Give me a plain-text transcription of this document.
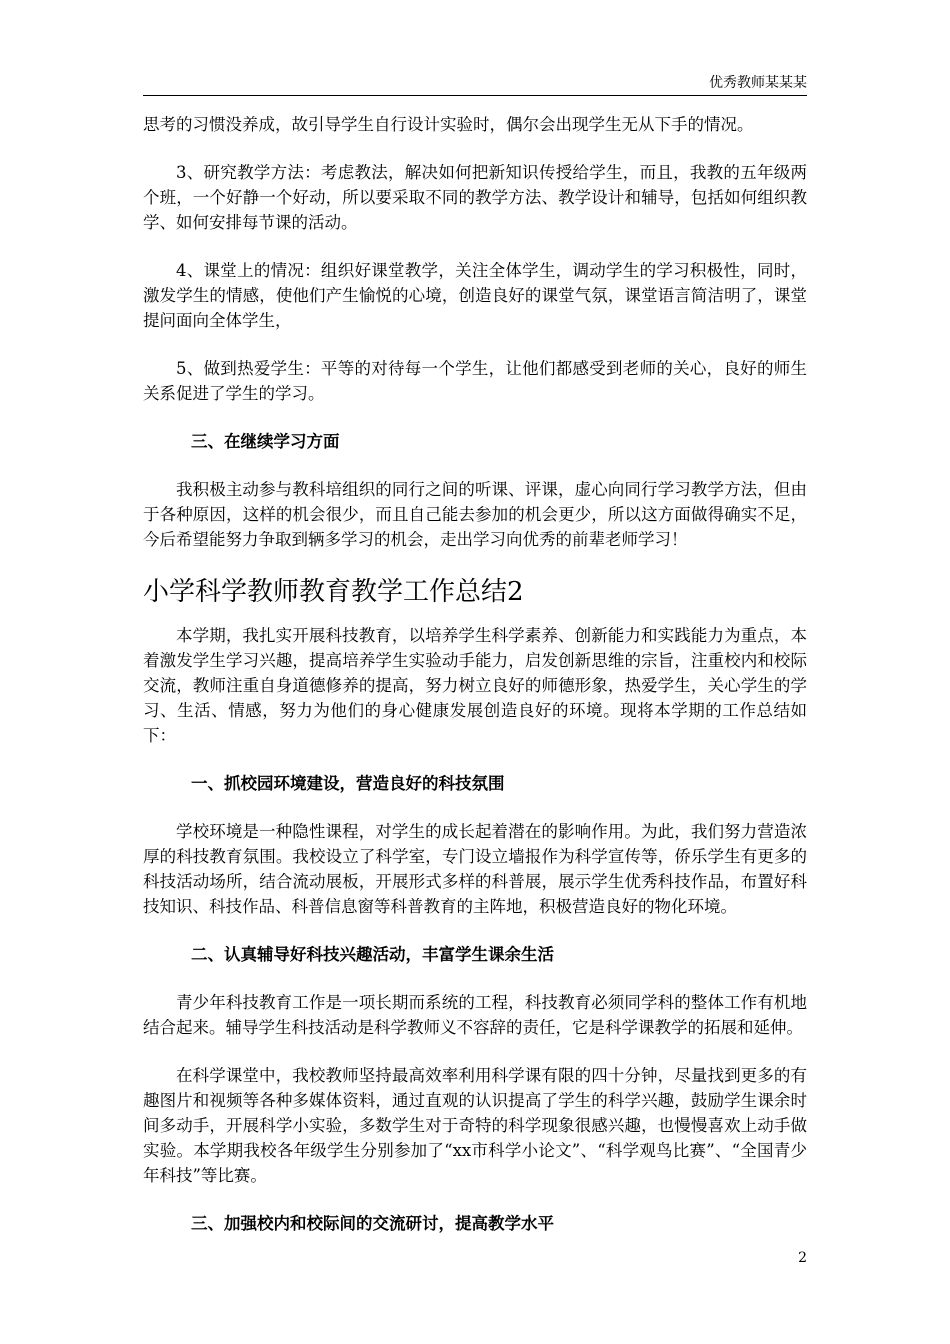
优秀教师某某某

思考的习惯没养成，故引导学生自行设计实验时，偶尔会出现学生无从下手的情况。

3、研究教学方法：考虑教法，解决如何把新知识传授给学生，而且，我教的五年级两个班，一个好静一个好动，所以要采取不同的教学方法、教学设计和辅导，包括如何组织教学、如何安排每节课的活动。

4、课堂上的情况：组织好课堂教学，关注全体学生，调动学生的学习积极性，同时，激发学生的情感，使他们产生愉悦的心境，创造良好的课堂气氛，课堂语言简洁明了，课堂提问面向全体学生，

5、做到热爱学生：平等的对待每一个学生，让他们都感受到老师的关心，良好的师生关系促进了学生的学习。

三、在继续学习方面

我积极主动参与教科培组织的同行之间的听课、评课，虚心向同行学习教学方法，但由于各种原因，这样的机会很少，而且自己能去参加的机会更少，所以这方面做得确实不足，今后希望能努力争取到辆多学习的机会，走出学习向优秀的前辈老师学习！

小学科学教师教育教学工作总结2

本学期，我扎实开展科技教育，以培养学生科学素养、创新能力和实践能力为重点，本着激发学生学习兴趣，提高培养学生实验动手能力，启发创新思维的宗旨，注重校内和校际交流，教师注重自身道德修养的提高，努力树立良好的师德形象，热爱学生，关心学生的学习、生活、情感，努力为他们的身心健康发展创造良好的环境。现将本学期的工作总结如下：

一、抓校园环境建设，营造良好的科技氛围

学校环境是一种隐性课程，对学生的成长起着潜在的影响作用。为此，我们努力营造浓厚的科技教育氛围。我校设立了科学室，专门设立墙报作为科学宣传等，侨乐学生有更多的科技活动场所，结合流动展板，开展形式多样的科普展，展示学生优秀科技作品，布置好科技知识、科技作品、科普信息窗等科普教育的主阵地，积极营造良好的物化环境。

二、认真辅导好科技兴趣活动，丰富学生课余生活

青少年科技教育工作是一项长期而系统的工程，科技教育必须同学科的整体工作有机地结合起来。辅导学生科技活动是科学教师义不容辞的责任，它是科学课教学的拓展和延伸。

在科学课堂中，我校教师坚持最高效率利用科学课有限的四十分钟，尽量找到更多的有趣图片和视频等各种多媒体资料，通过直观的认识提高了学生的科学兴趣，鼓励学生课余时间多动手，开展科学小实验，多数学生对于奇特的科学现象很感兴趣，也慢慢喜欢上动手做实验。本学期我校各年级学生分别参加了“xx市科学小论文”、“科学观鸟比赛”、“全国青少年科技”等比赛。

三、加强校内和校际间的交流研讨，提高教学水平
2
